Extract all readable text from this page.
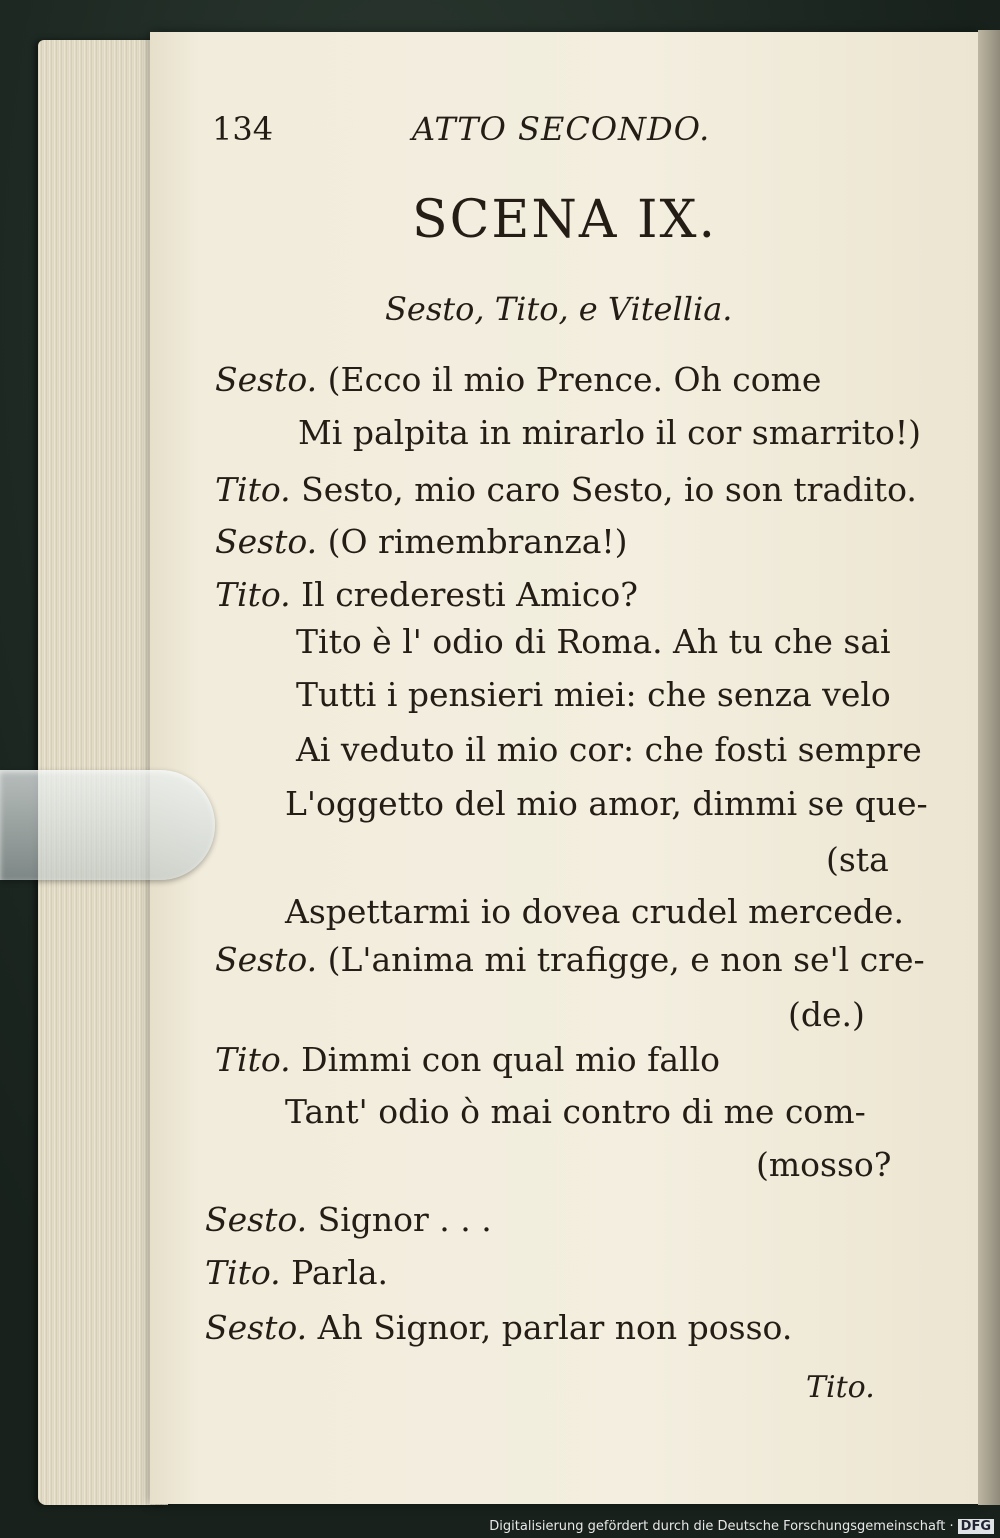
134	ATTO SECONDO.
SCENA IX.
Sesto, Tito, e Vitellia.
Sesto. (Ecco il mio Prence. Oh come
Mi palpita in mirarlo il cor smarrito!)
Tito. Sesto, mio caro Sesto, io son tradito.
Sesto. (O rimembranza!)
Tito. Il crederesti Amico?
Tito è l' odio di Roma. Ah tu che sai
Tutti i pensieri miei: che senza velo
Ai veduto il mio cor: che fosti sempre
L'oggetto del mio amor, dimmi se que-
(sta
Aspettarmi io dovea crudel mercede.
Sesto. (L'anima mi trafigge, e non se'l cre-
(de.)
Tito. Dimmi con qual mio fallo
Tant' odio ò mai contro di me com-
(mosso?
Sesto. Signor . . .
Tito. Parla.
Sesto. Ah Signor, parlar non posso.
Tito.
Digitalisierung gefördert durch die Deutsche Forschungsgemeinschaft · DFG
